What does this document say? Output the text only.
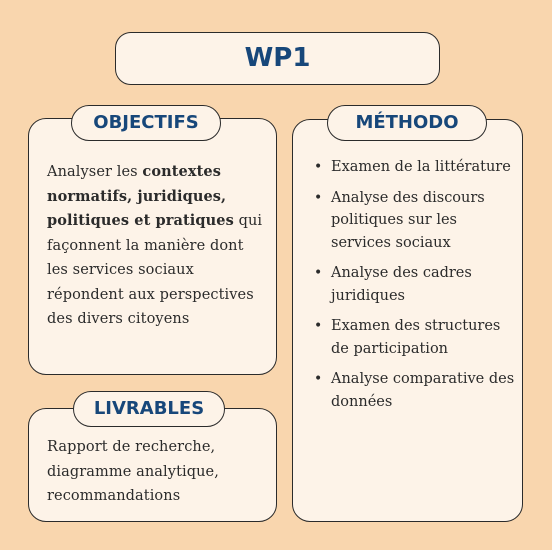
WP1
OBJECTIFS	MÉTHODO
LIVRABLES

Analyser les contextes normatifs, juridiques, politiques et pratiques qui façonnent la manière dont les services sociaux répondent aux perspectives des divers citoyens

• Examen de la littérature
• Analyse des discours politiques sur les services sociaux
• Analyse des cadres juridiques
• Examen des structures de participation
• Analyse comparative des données

Rapport de recherche, diagramme analytique, recommandations
